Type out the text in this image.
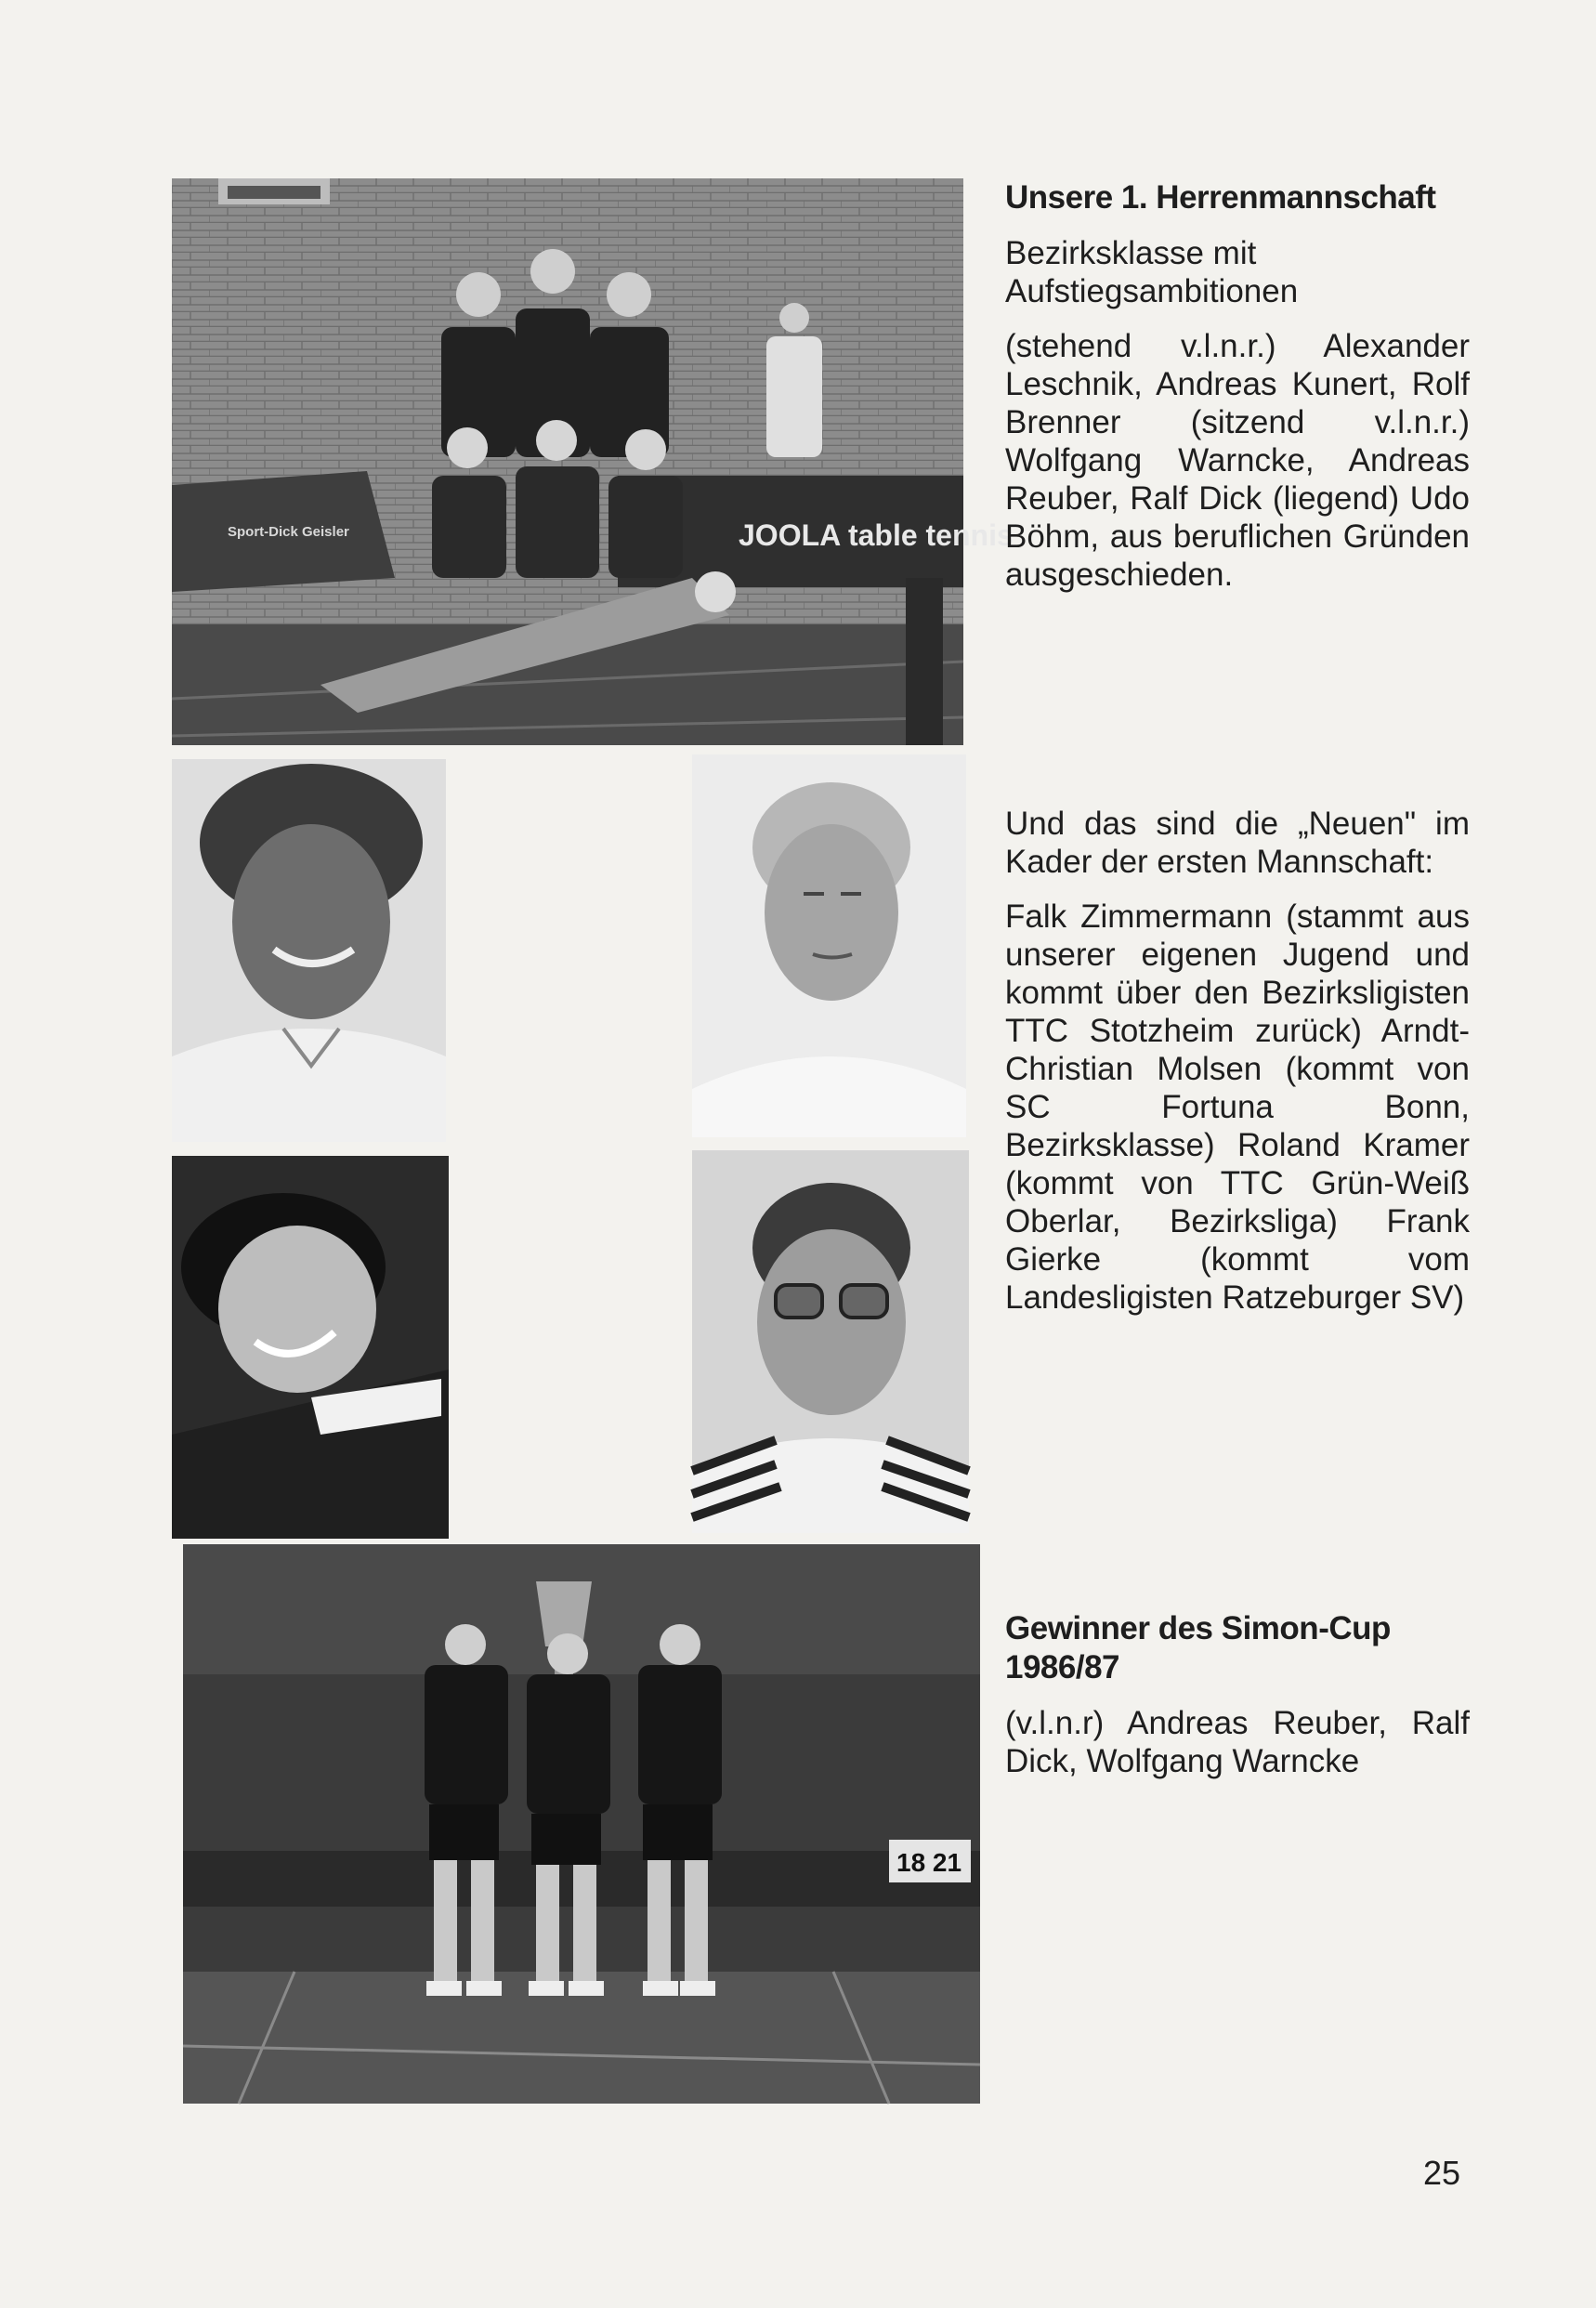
Sport-Dick Geisler	JOOLA table tennis
18 21
Unsere 1. Herrenmannschaft
Bezirksklasse mit Aufstiegsambitionen
(stehend v.l.n.r.) Alexander Leschnik, Andreas Kunert, Rolf Brenner (sitzend v.l.n.r.) Wolfgang Warncke, Andreas Reuber, Ralf Dick (liegend) Udo Böhm, aus beruflichen Gründen ausgeschieden.
Und das sind die „Neuen" im Kader der ersten Mannschaft:
Falk Zimmermann (stammt aus unserer eigenen Jugend und kommt über den Bezirksligisten TTC Stotzheim zurück) Arndt-Christian Molsen (kommt von SC Fortuna Bonn, Bezirksklasse) Roland Kramer (kommt von TTC Grün-Weiß Oberlar, Bezirksliga) Frank Gierke (kommt vom Landesligisten Ratzeburger SV)
Gewinner des Simon-Cup 1986/87
(v.l.n.r) Andreas Reuber, Ralf Dick, Wolfgang Warncke
25
